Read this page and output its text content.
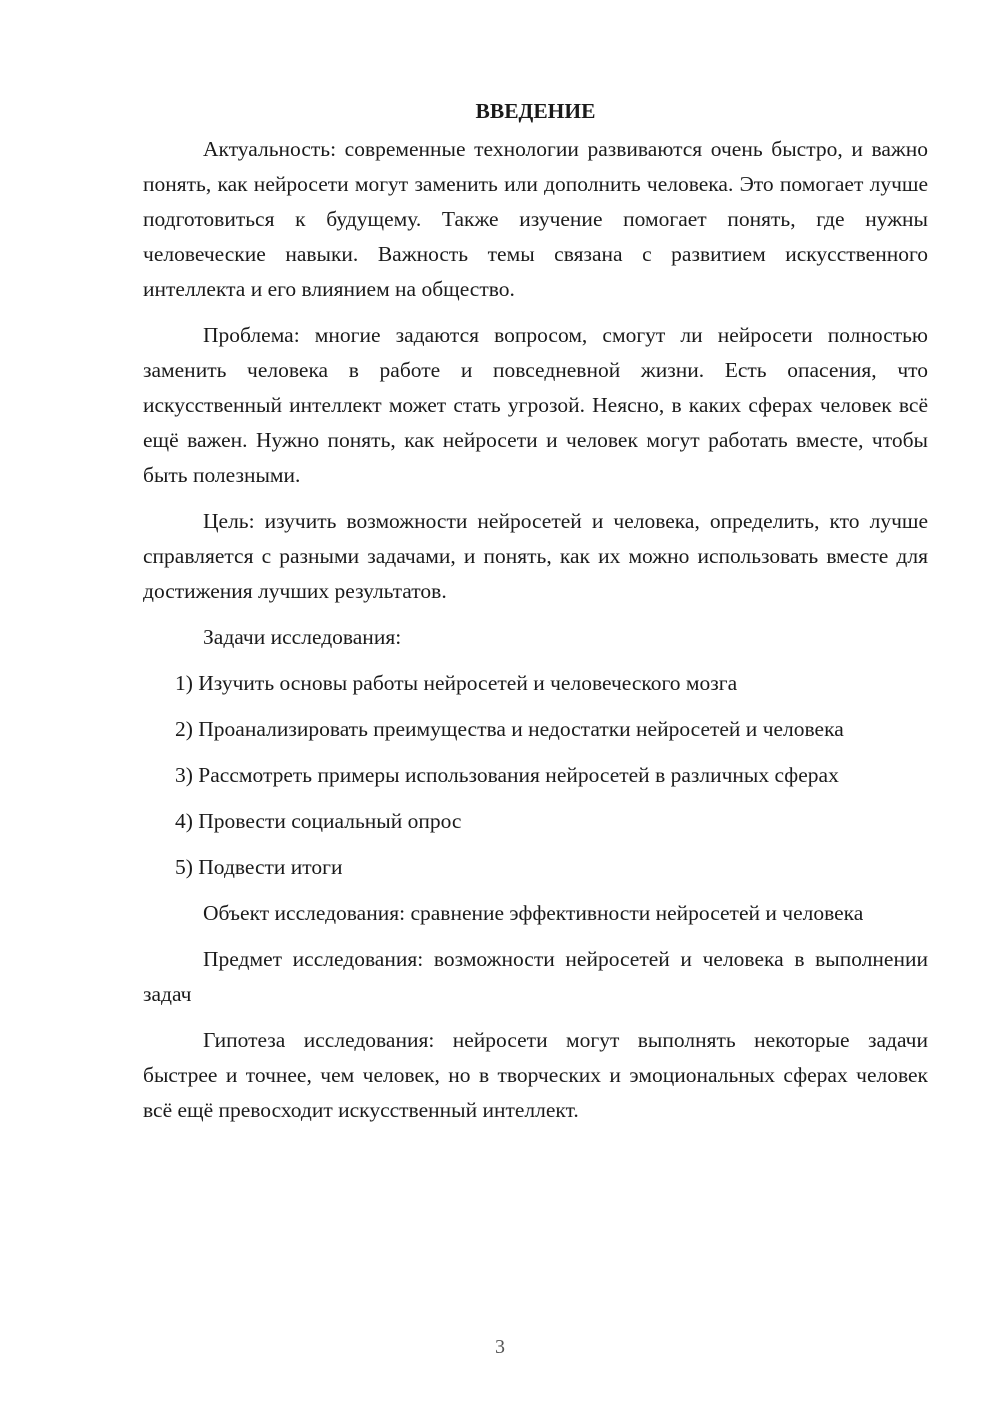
ВВЕДЕНИЕ

Актуальность: современные технологии развиваются очень быстро, и важно понять, как нейросети могут заменить или дополнить человека. Это помогает лучше подготовиться к будущему. Также изучение помогает понять, где нужны человеческие навыки. Важность темы связана с развитием искусственного интеллекта и его влиянием на общество.

Проблема: многие задаются вопросом, смогут ли нейросети полностью заменить человека в работе и повседневной жизни. Есть опасения, что искусственный интеллект может стать угрозой. Неясно, в каких сферах человек всё ещё важен. Нужно понять, как нейросети и человек могут работать вместе, чтобы быть полезными.

Цель: изучить возможности нейросетей и человека, определить, кто лучше справляется с разными задачами, и понять, как их можно использовать вместе для достижения лучших результатов.

Задачи исследования:

1) Изучить основы работы нейросетей и человеческого мозга

2) Проанализировать преимущества и недостатки нейросетей и человека

3) Рассмотреть примеры использования нейросетей в различных сферах

4) Провести социальный опрос

5) Подвести итоги

Объект исследования: сравнение эффективности нейросетей и человека

Предмет исследования: возможности нейросетей и человека в выполнении задач

Гипотеза исследования: нейросети могут выполнять некоторые задачи быстрее и точнее, чем человек, но в творческих и эмоциональных сферах человек всё ещё превосходит искусственный интеллект.

3
